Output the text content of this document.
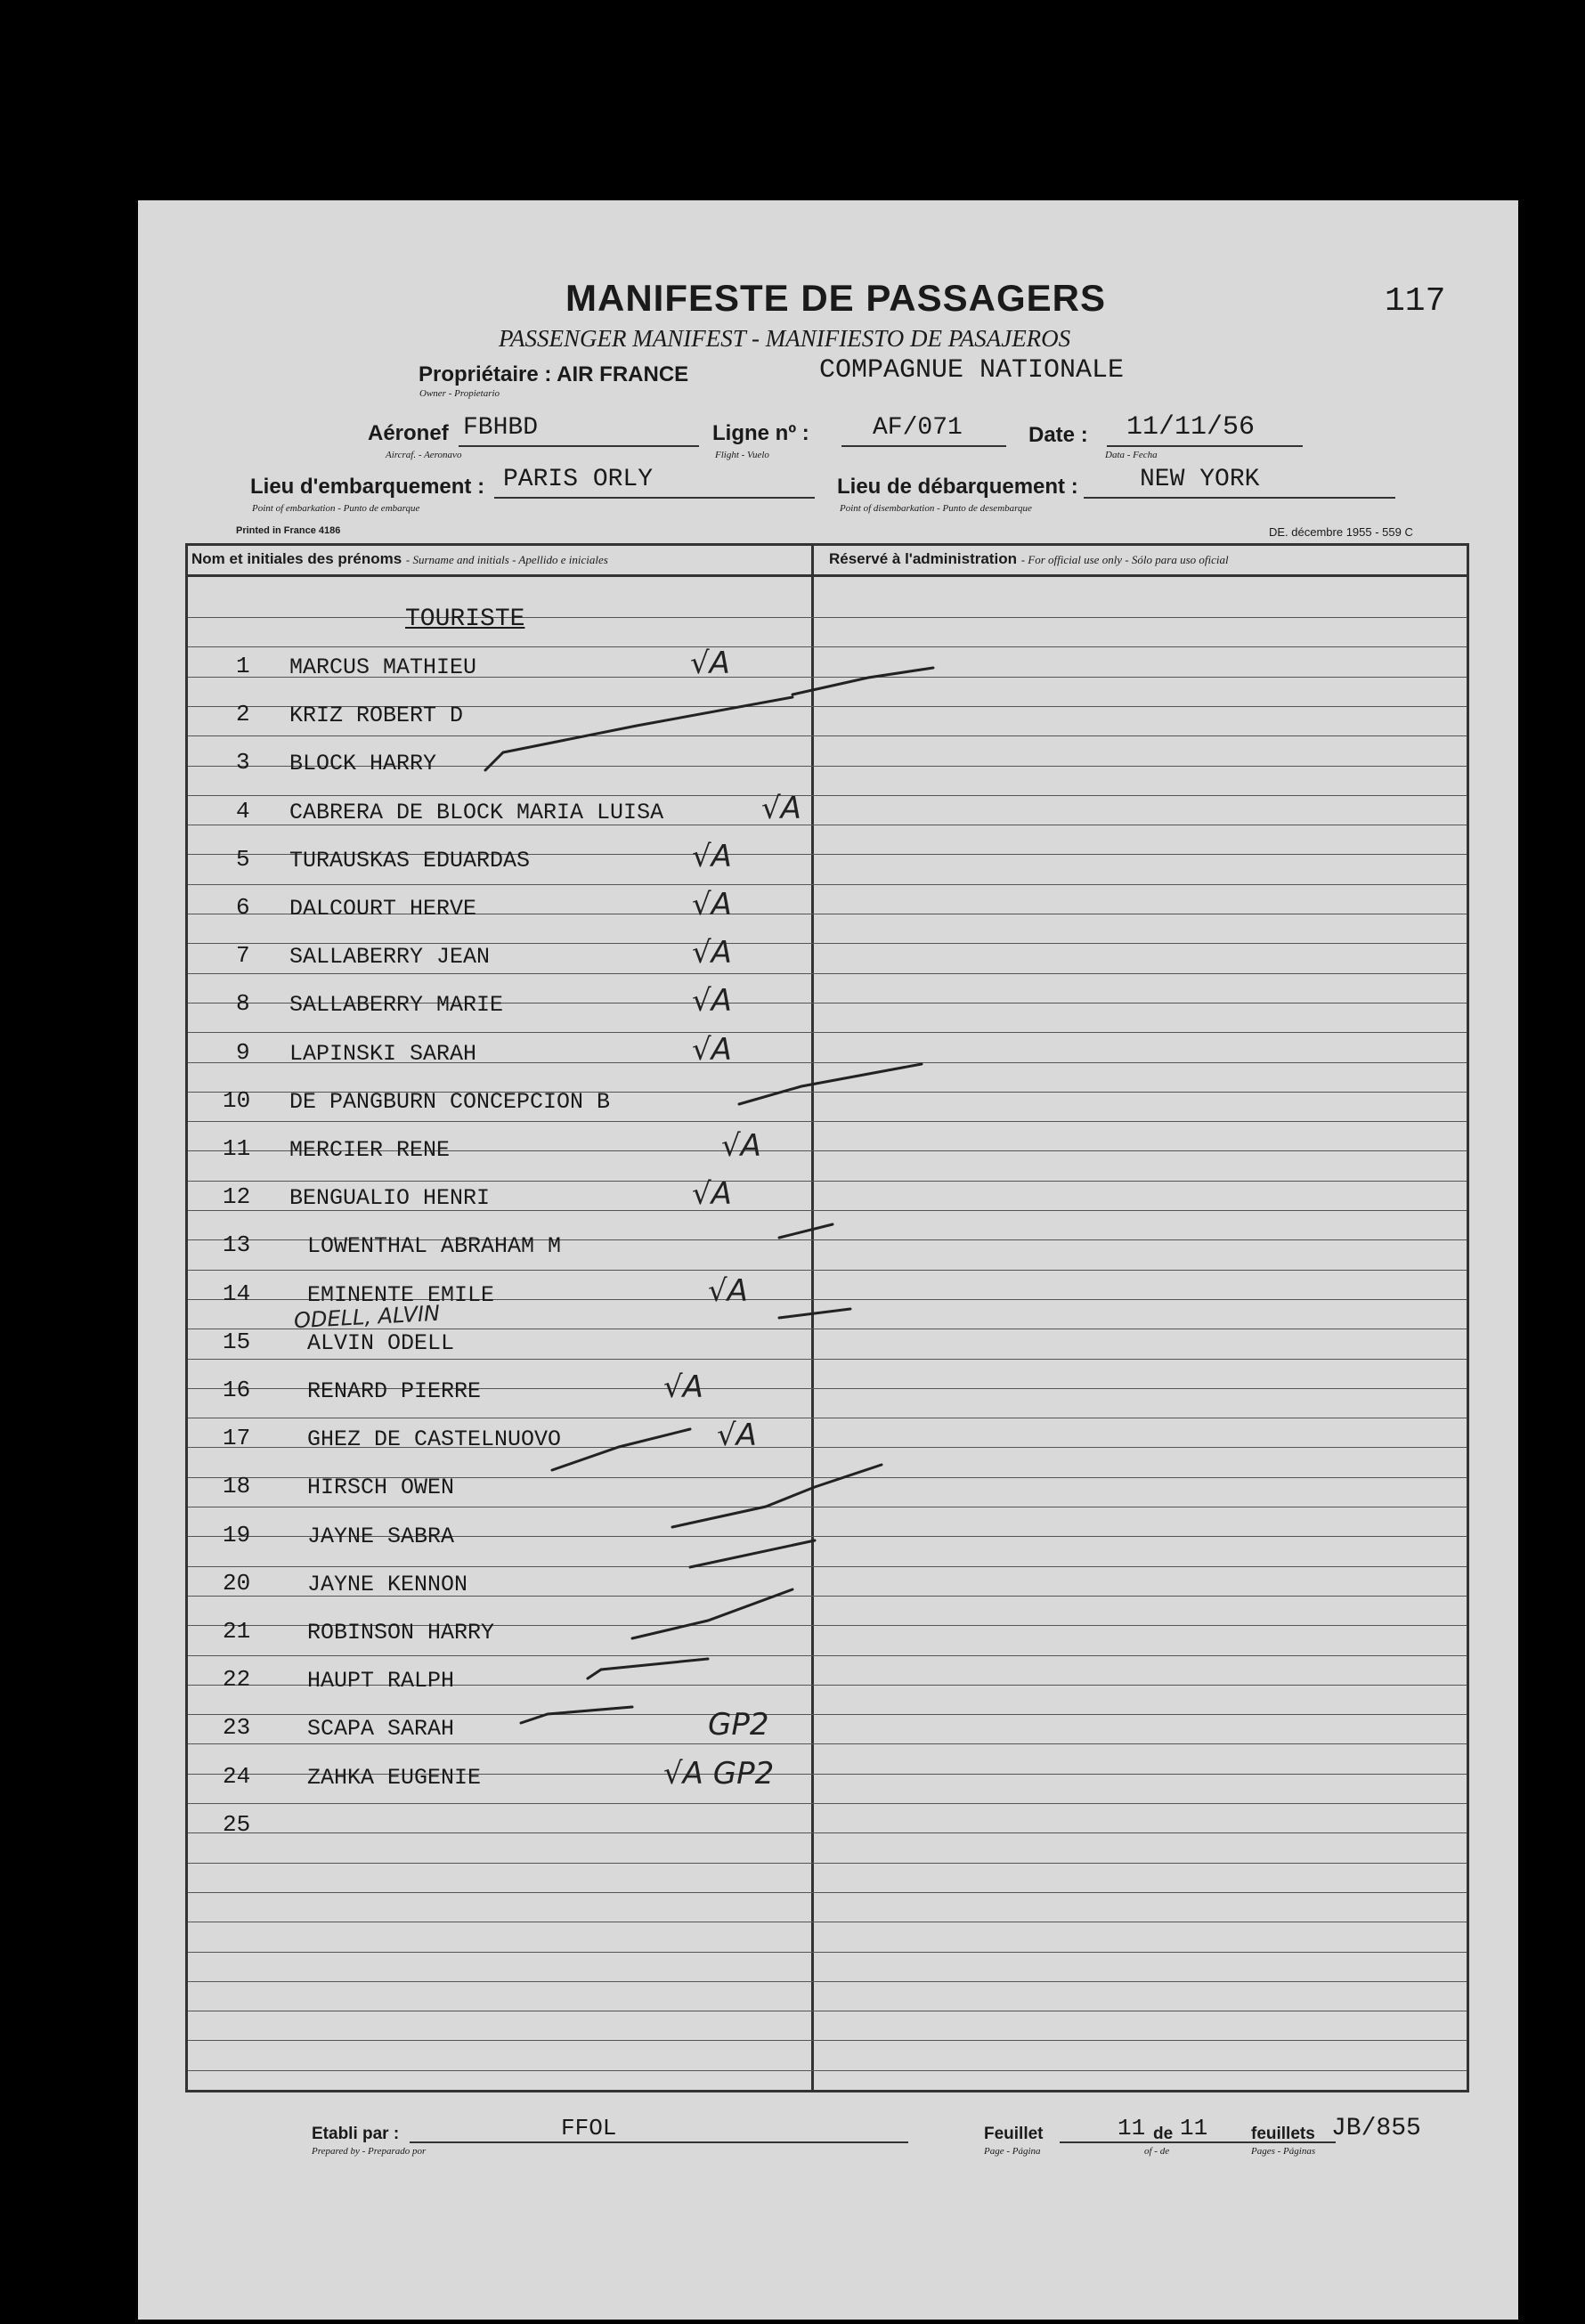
117
MANIFESTE DE PASSAGERS
PASSENGER MANIFEST - MANIFIESTO DE PASAJEROS
Propriétaire : AIR FRANCE
Owner - Propietario
COMPAGNUE NATIONALE
Aéronef FBHBD
Aircraf. - Aeronavo
Ligne nº :	AF/071
Flight - Vuelo
Date : 11/11/56
Data - Fecha
Lieu d'embarquement : PARIS ORLY
Point of embarkation - Punto de embarque
Lieu de débarquement : NEW YORK
Point of disembarkation - Punto de desembarque
Printed in France 4186	DE. décembre 1955 - 559 C
Nom et initiales des prénoms - Surname and initials - Apellido e iniciales	Réservé à l'administration - For official use only - Sólo para uso oficial
TOURISTE
1 MARCUS MATHIEU	√A
2 KRIZ ROBERT D
3 BLOCK HARRY
4 CABRERA DE BLOCK MARIA LUISA	√A
5 TURAUSKAS EDUARDAS	√A
6 DALCOURT HERVE	√A
7 SALLABERRY JEAN	√A
8 SALLABERRY MARIE	√A
9 LAPINSKI SARAH	√A
10 DE PANGBURN CONCEPCION B
11 MERCIER RENE	√A
12 BENGUALIO HENRI	√A
13	LOWENTHAL ABRAHAM M
14	EMINENTE EMILE	√A
15	ALVIN ODELL
16	RENARD PIERRE	√A
17	GHEZ DE CASTELNUOVO	√A
18	HIRSCH OWEN
19	JAYNE SABRA
20	JAYNE KENNON
21	ROBINSON HARRY
22	HAUPT RALPH
23	SCAPA SARAH	GP2
24	ZAHKA EUGENIE	√A GP2
25
ODELL, ALVIN
Etabli par :
Prepared by - Preparado por
FFOL	Feuillet
Page - Página
11 de
of - de
11	feuillets
Pages - Páginas
JB/855
